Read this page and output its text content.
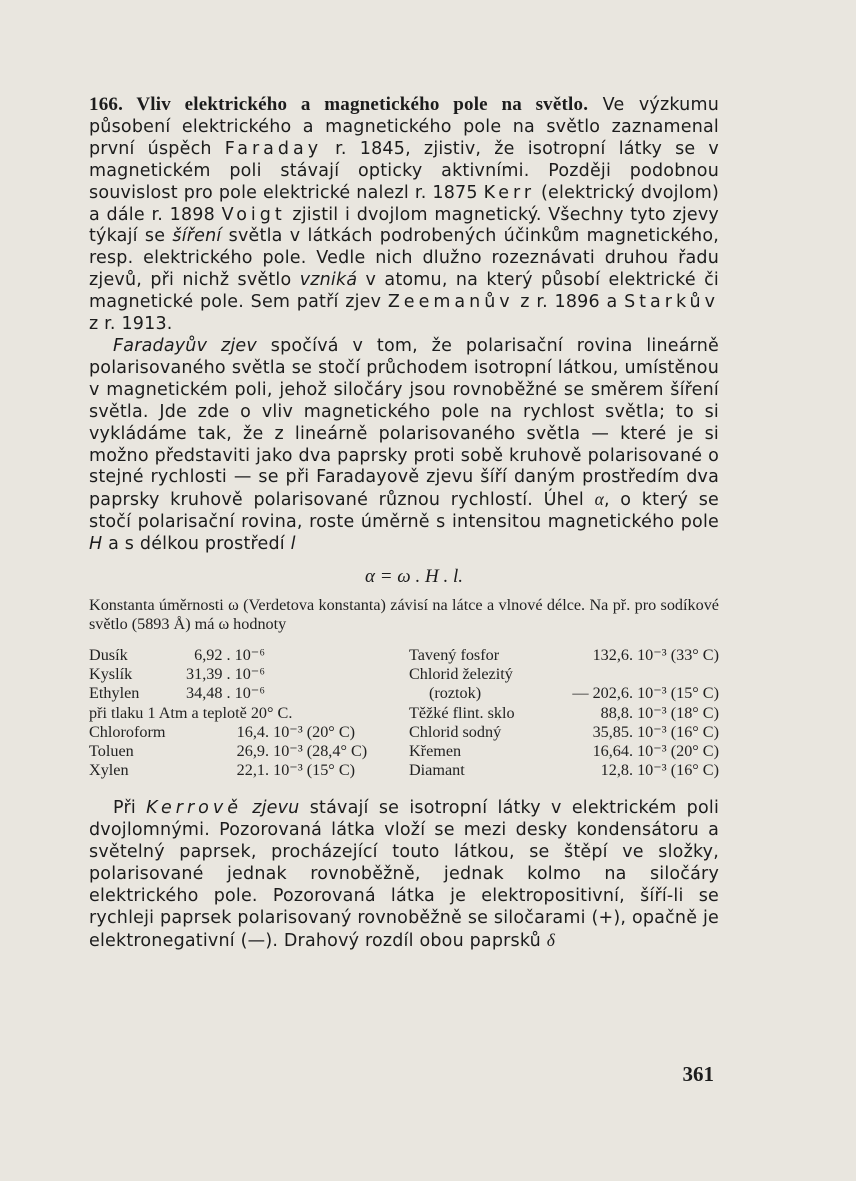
166. Vliv elektrického a magnetického pole na světlo. Ve výzkumu působení elektrického a magnetického pole na světlo zaznamenal první úspěch Faraday r. 1845, zjistiv, že isotropní látky se v magnetickém poli stávají opticky aktivními. Později podobnou souvislost pro pole elektrické nalezl r. 1875 Kerr (elektrický dvojlom) a dále r. 1898 Voigt zjistil i dvojlom magnetický. Všechny tyto zjevy týkají se šíření světla v látkách podrobených účinkům magnetického, resp. elektrického pole. Vedle nich dlužno rozeznávati druhou řadu zjevů, při nichž světlo vzniká v atomu, na který působí elektrické či magnetické pole. Sem patří zjev Zeemanův z r. 1896 a Starkův z r. 1913.

Faradayův zjev spočívá v tom, že polarisační rovina lineárně polarisovaného světla se stočí průchodem isotropní látkou, umístěnou v magnetickém poli, jehož siločáry jsou rovnoběžné se směrem šíření světla. Jde zde o vliv magnetického pole na rychlost světla; to si vykládáme tak, že z lineárně polarisovaného světla — které je si možno představiti jako dva paprsky proti sobě kruhově polarisované o stejné rychlosti — se při Faradayově zjevu šíří daným prostředím dva paprsky kruhově polarisované různou rychlostí. Úhel α, o který se stočí polarisační rovina, roste úměrně s intensitou magnetického pole H a s délkou prostředí l

α = ω . H . l.

Konstanta úměrnosti ω (Verdetova konstanta) závisí na látce a vlnové délce. Na př. pro sodíkové světlo (5893 Å) má ω hodnoty

Dusík	6,92 . 10⁻⁶	
Kyslík	31,39 . 10⁻⁶	
Ethylen	34,48 . 10⁻⁶	
při tlaku 1 Atm a teplotě 20° C.		
Chloroform	16,4	. 10⁻³ (20° C)
Toluen	26,9	. 10⁻³ (28,4° C)
Xylen	22,1	. 10⁻³ (15° C)
Tavený fosfor	132,6	. 10⁻³ (33° C)
Chlorid železitý		
(roztok)	— 202,6	. 10⁻³ (15° C)
Těžké flint. sklo	88,8	. 10⁻³ (18° C)
Chlorid sodný	35,85	. 10⁻³ (16° C)
Křemen	16,64	. 10⁻³ (20° C)
Diamant	12,8	. 10⁻³ (16° C)

Při Kerrově zjevu stávají se isotropní látky v elektrickém poli dvojlomnými. Pozorovaná látka vloží se mezi desky kondensátoru a světelný paprsek, procházející touto látkou, se štěpí ve složky, polarisované jednak rovnoběžně, jednak kolmo na siločáry elektrického pole. Pozorovaná látka je elektropositivní, šíří-li se rychleji paprsek polarisovaný rovnoběžně se siločarami (+), opačně je elektronegativní (—). Drahový rozdíl obou paprsků δ

361
